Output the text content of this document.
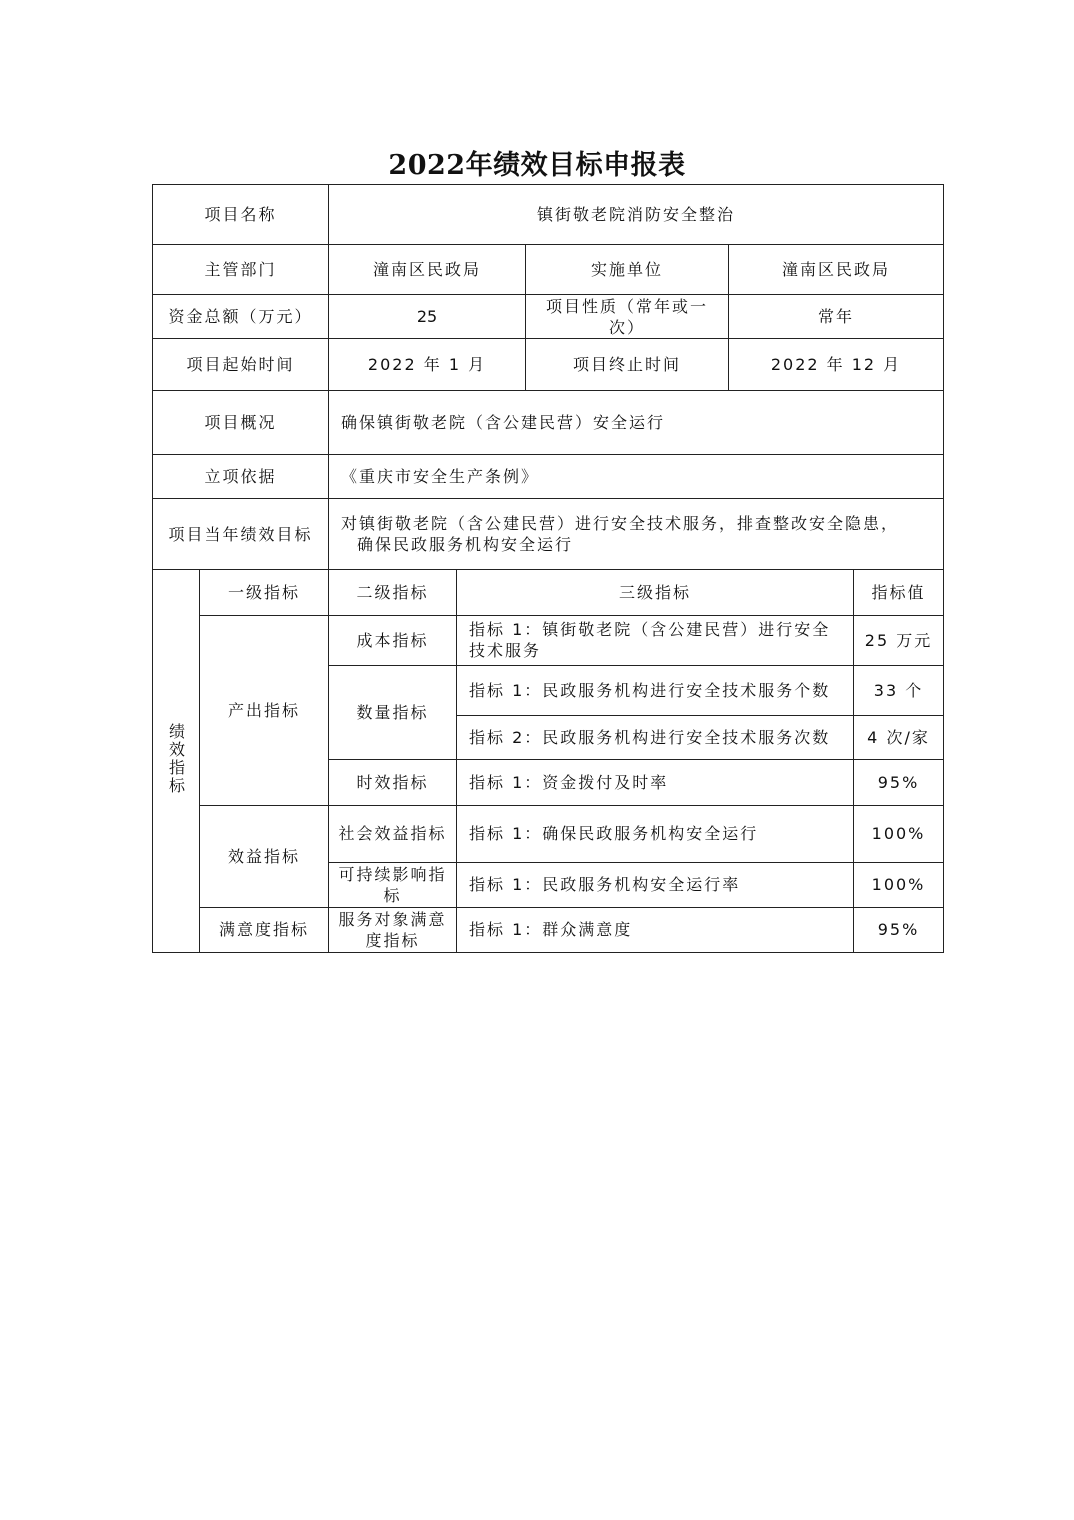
2022年绩效目标申报表
项目名称		镇街敬老院消防安全整治				
主管部门		潼南区民政局		实施单位	潼南区民政局	
资金总额（万元）		25		项目性质（常年或一次）	常年	
项目起始时间		2022 年 1 月		项目终止时间	2022 年 12 月	
项目概况		确保镇街敬老院（含公建民营）安全运行				
立项依据		《重庆市安全生产条例》				
项目当年绩效目标		对镇街敬老院（含公建民营）进行安全技术服务，排查整改安全隐患，
确保民政服务机构安全运行				

绩效指标	一级指标	二级指标	三级指标			指标值
	产出指标	成本指标	指标 1：镇街敬老院（含公建民营）进行安全技术服务			25 万元
		数量指标	指标 1：民政服务机构进行安全技术服务个数			33 个
			指标 2：民政服务机构进行安全技术服务次数			4 次/家
		时效指标	指标 1：资金拨付及时率			95%
	效益指标	社会效益指标	指标 1：确保民政服务机构安全运行			100%
		可持续影响指标	指标 1：民政服务机构安全运行率			100%
	满意度指标	服务对象满意度指标	指标 1：群众满意度			95%
